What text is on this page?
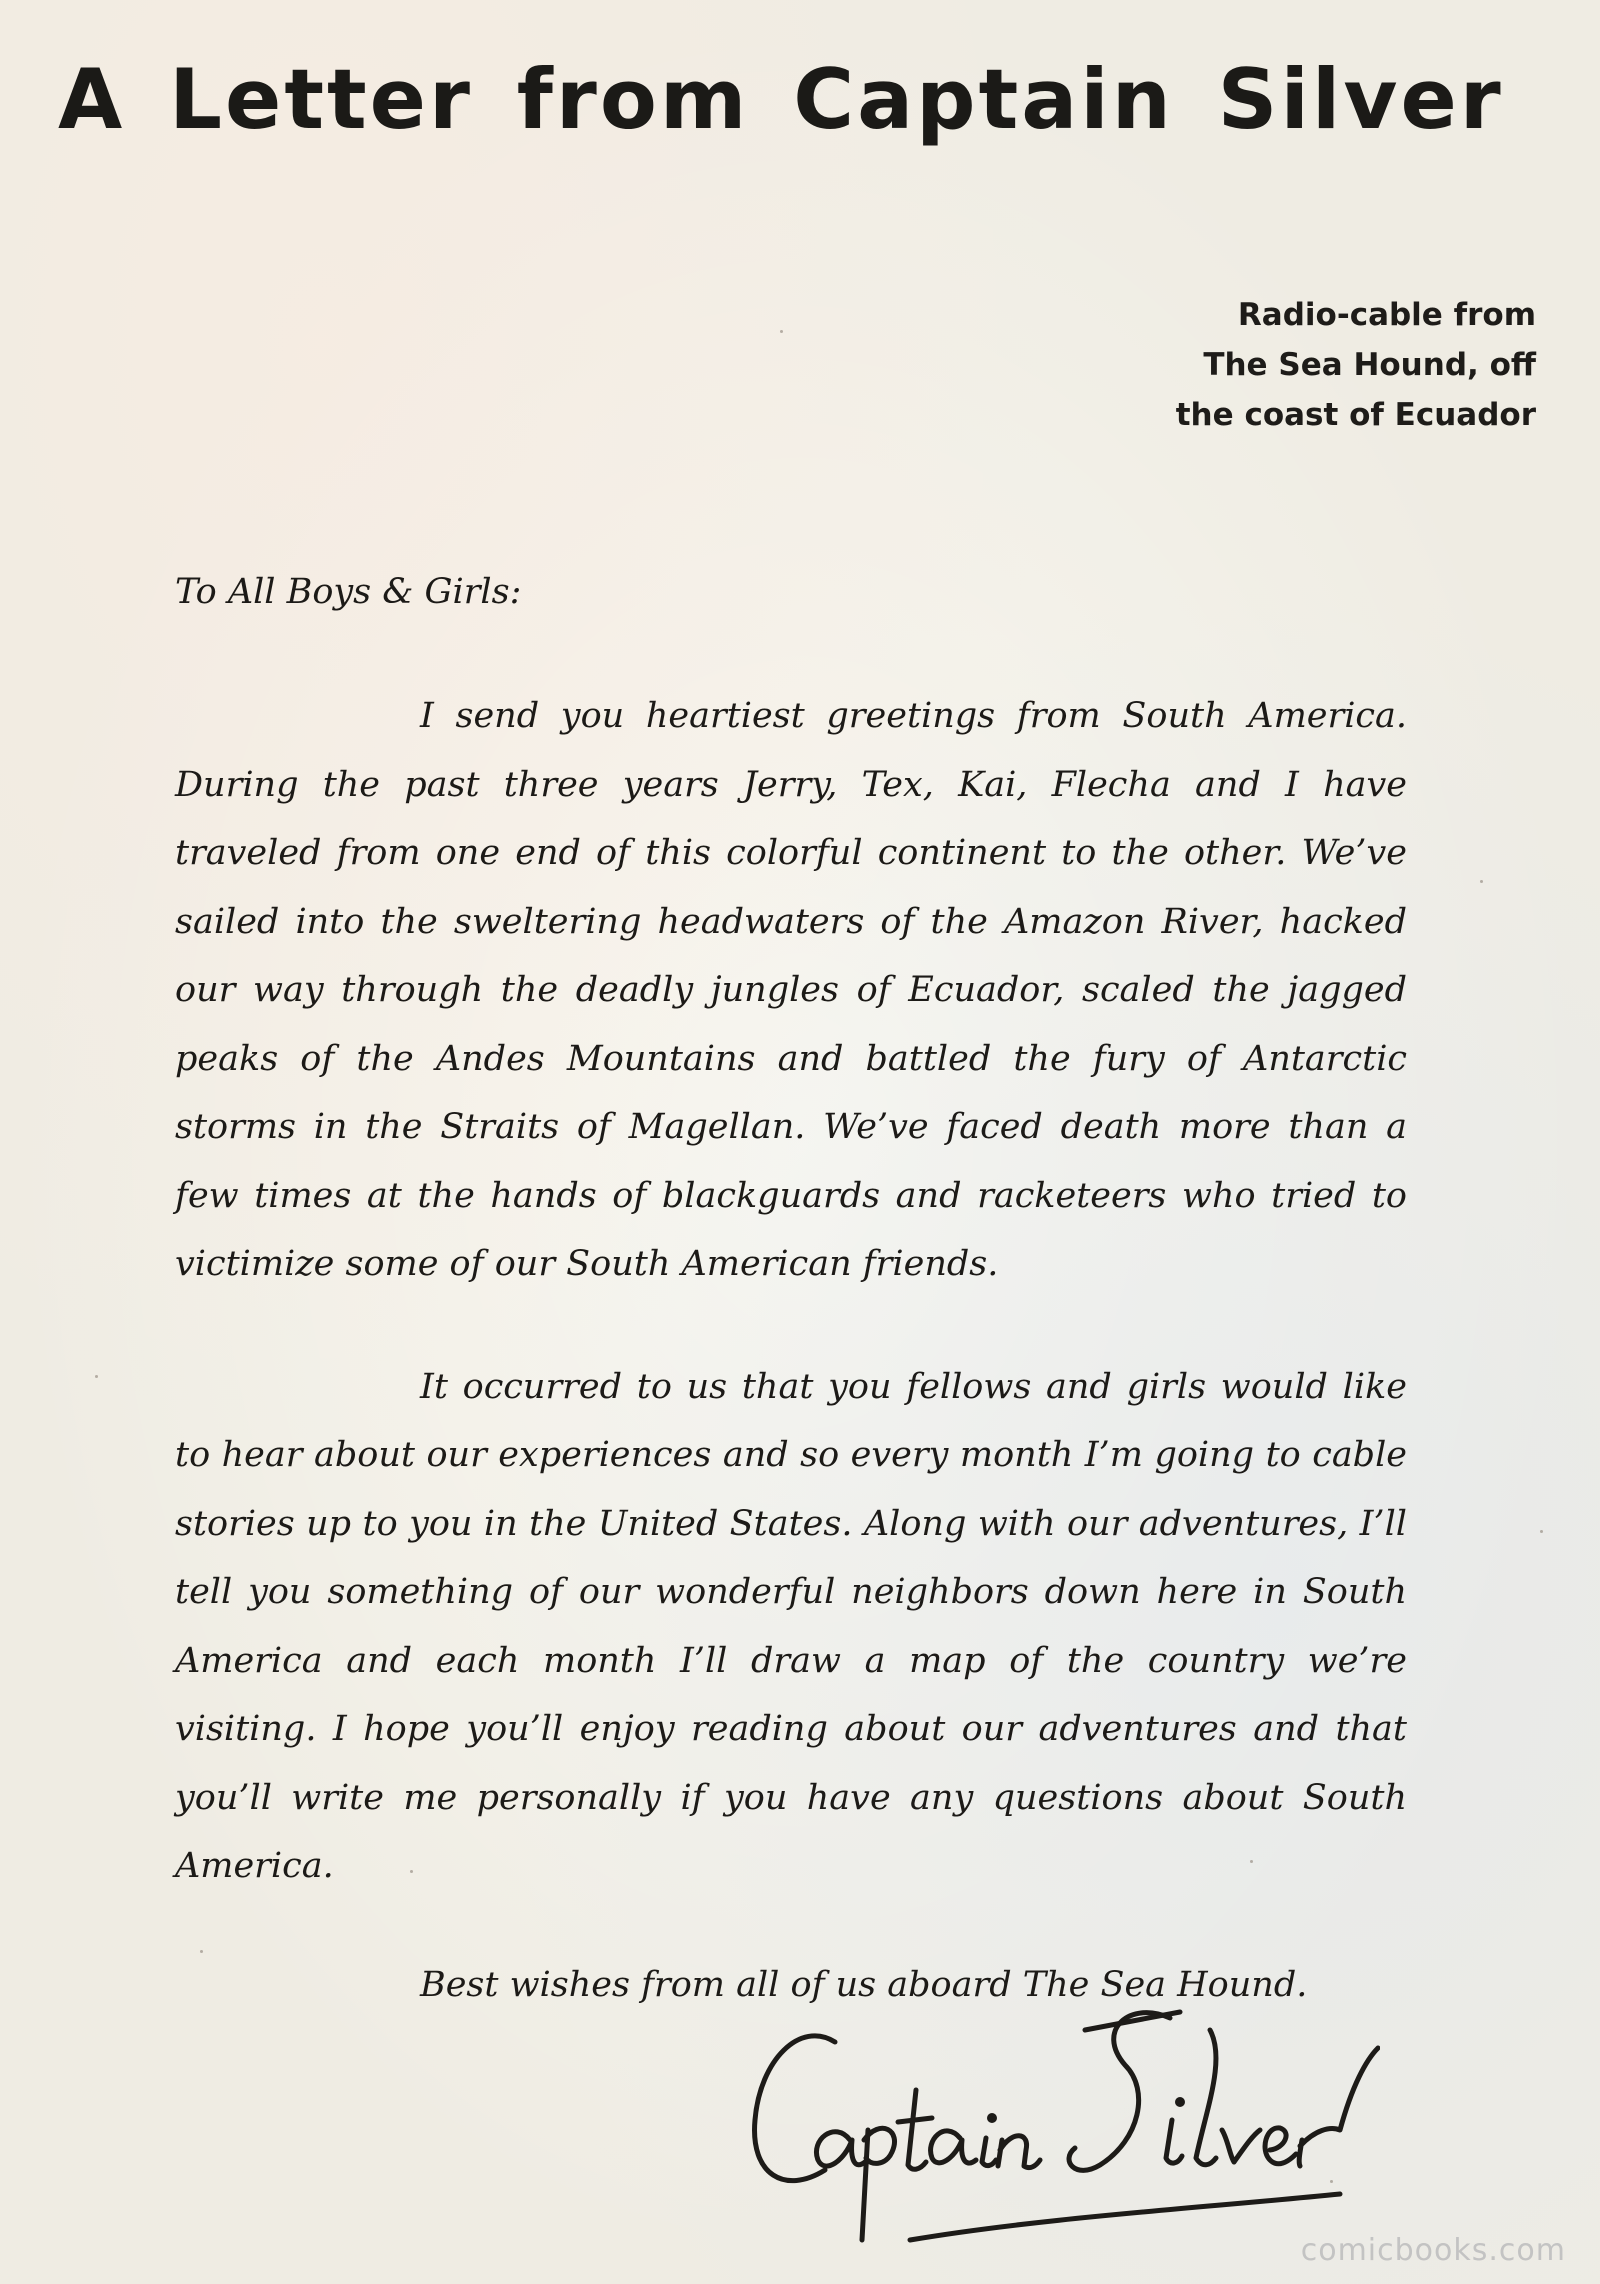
A Letter from Captain Silver
Radio-cable from
The Sea Hound, off
the coast of Ecuador

To All Boys & Girls:

I send you heartiest greetings from South America. During the past three years Jerry, Tex, Kai, Flecha and I have traveled from one end of this colorful continent to the other. We’ve sailed into the sweltering headwaters of the Amazon River, hacked our way through the deadly jungles of Ecuador, scaled the jagged peaks of the Andes Mountains and battled the fury of Antarctic storms in the Straits of Magellan. We’ve faced death more than a few times at the hands of blackguards and racketeers who tried to victimize some of our South American friends.

It occurred to us that you fellows and girls would like to hear about our experiences and so every month I’m going to cable stories up to you in the United States. Along with our adventures, I’ll tell you something of our wonderful neighbors down here in South America and each month I’ll draw a map of the country we’re visiting. I hope you’ll enjoy reading about our adventures and that you’ll write me personally if you have any questions about South America.

Best wishes from all of us aboard The Sea Hound.

comicbooks.com
